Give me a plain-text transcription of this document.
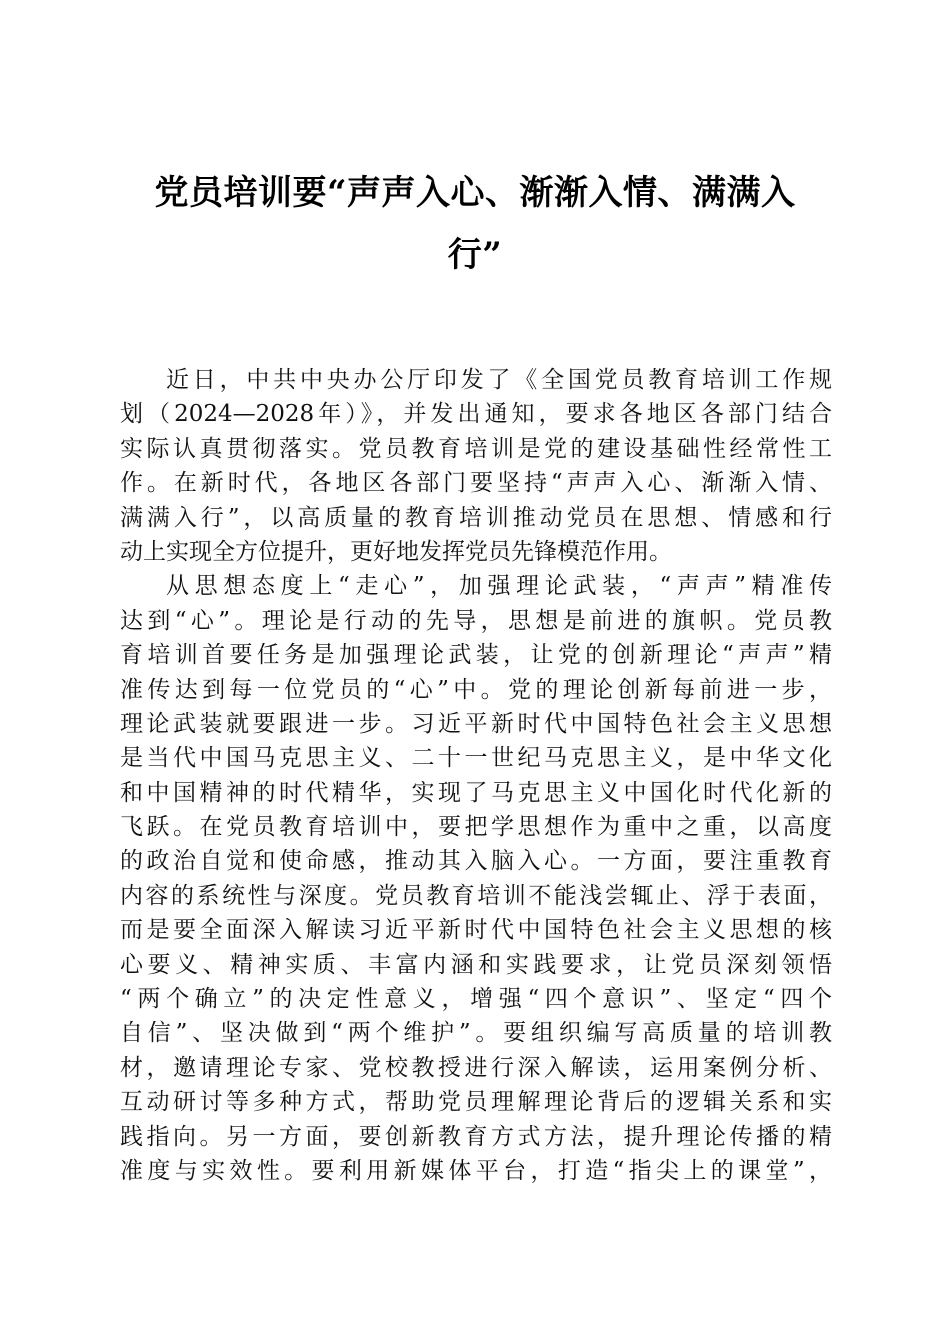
党员培训要“声声入心、渐渐入情、满满入
行”

近日，中共中央办公厅印发了《全国党员教育培训工作规
划（2024—2028年）》，并发出通知，要求各地区各部门结合
实际认真贯彻落实。党员教育培训是党的建设基础性经常性工
作。在新时代，各地区各部门要坚持“声声入心、渐渐入情、
满满入行”，以高质量的教育培训推动党员在思想、情感和行
动上实现全方位提升，更好地发挥党员先锋模范作用。

从思想态度上“走心”，加强理论武装，“声声”精准传
达到“心”。理论是行动的先导，思想是前进的旗帜。党员教
育培训首要任务是加强理论武装，让党的创新理论“声声”精
准传达到每一位党员的“心”中。党的理论创新每前进一步，
理论武装就要跟进一步。习近平新时代中国特色社会主义思想
是当代中国马克思主义、二十一世纪马克思主义，是中华文化
和中国精神的时代精华，实现了马克思主义中国化时代化新的
飞跃。在党员教育培训中，要把学思想作为重中之重，以高度
的政治自觉和使命感，推动其入脑入心。一方面，要注重教育
内容的系统性与深度。党员教育培训不能浅尝辄止、浮于表面，
而是要全面深入解读习近平新时代中国特色社会主义思想的核
心要义、精神实质、丰富内涵和实践要求，让党员深刻领悟
“两个确立”的决定性意义，增强“四个意识”、坚定“四个
自信”、坚决做到“两个维护”。要组织编写高质量的培训教
材，邀请理论专家、党校教授进行深入解读，运用案例分析、
互动研讨等多种方式，帮助党员理解理论背后的逻辑关系和实
践指向。另一方面，要创新教育方式方法，提升理论传播的精
准度与实效性。要利用新媒体平台，打造“指尖上的课堂”，
